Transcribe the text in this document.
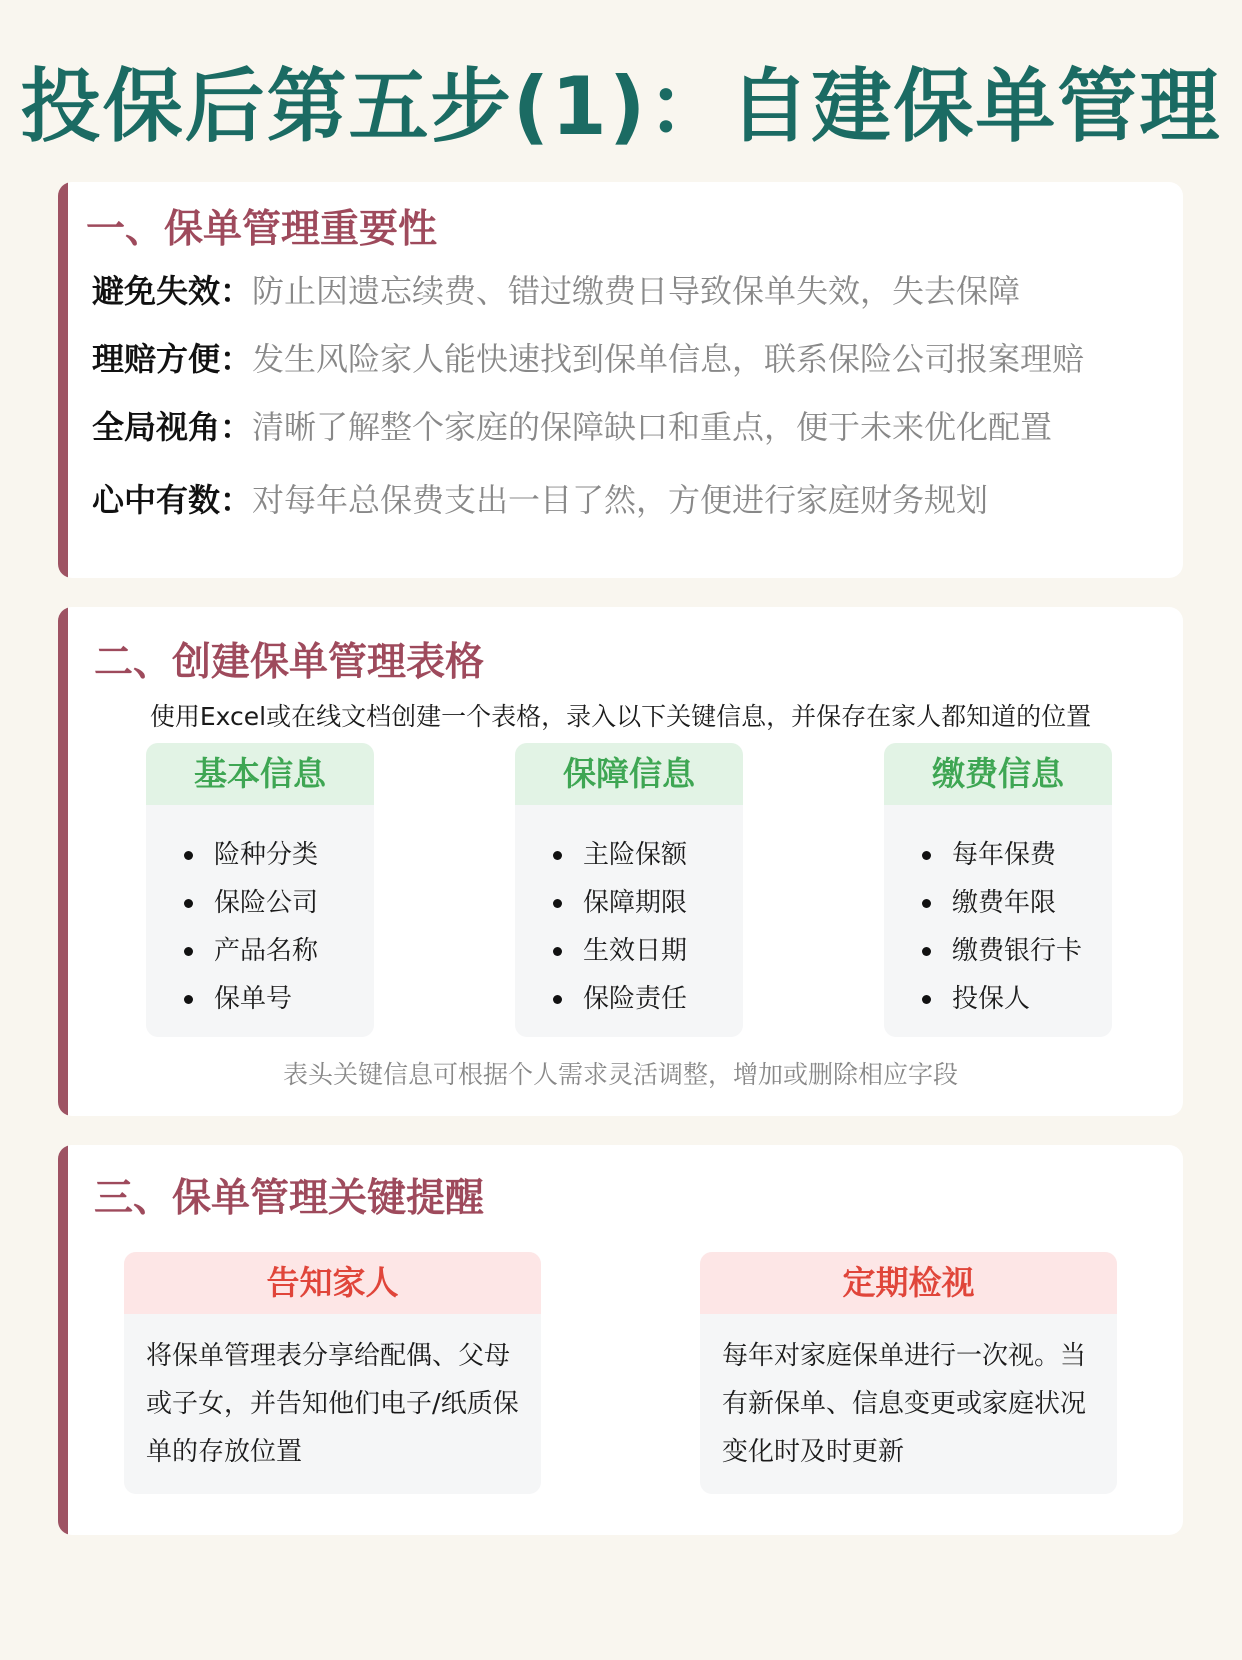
投保后第五步(1)：自建保单管理
一、保单管理重要性
避免失效：防止因遗忘续费、错过缴费日导致保单失效，失去保障
理赔方便：发生风险家人能快速找到保单信息，联系保险公司报案理赔
全局视角：清晰了解整个家庭的保障缺口和重点，便于未来优化配置
心中有数：对每年总保费支出一目了然，方便进行家庭财务规划
二、创建保单管理表格
使用Excel或在线文档创建一个表格，录入以下关键信息，并保存在家人都知道的位置
基本信息
险种分类
保险公司
产品名称
保单号
保障信息
主险保额
保障期限
生效日期
保险责任
缴费信息
每年保费
缴费年限
缴费银行卡
投保人
表头关键信息可根据个人需求灵活调整，增加或删除相应字段
三、保单管理关键提醒
告知家人
将保单管理表分享给配偶、父母或子女，并告知他们电子/纸质保单的存放位置
定期检视
每年对家庭保单进行一次视。当有新保单、信息变更或家庭状况变化时及时更新
